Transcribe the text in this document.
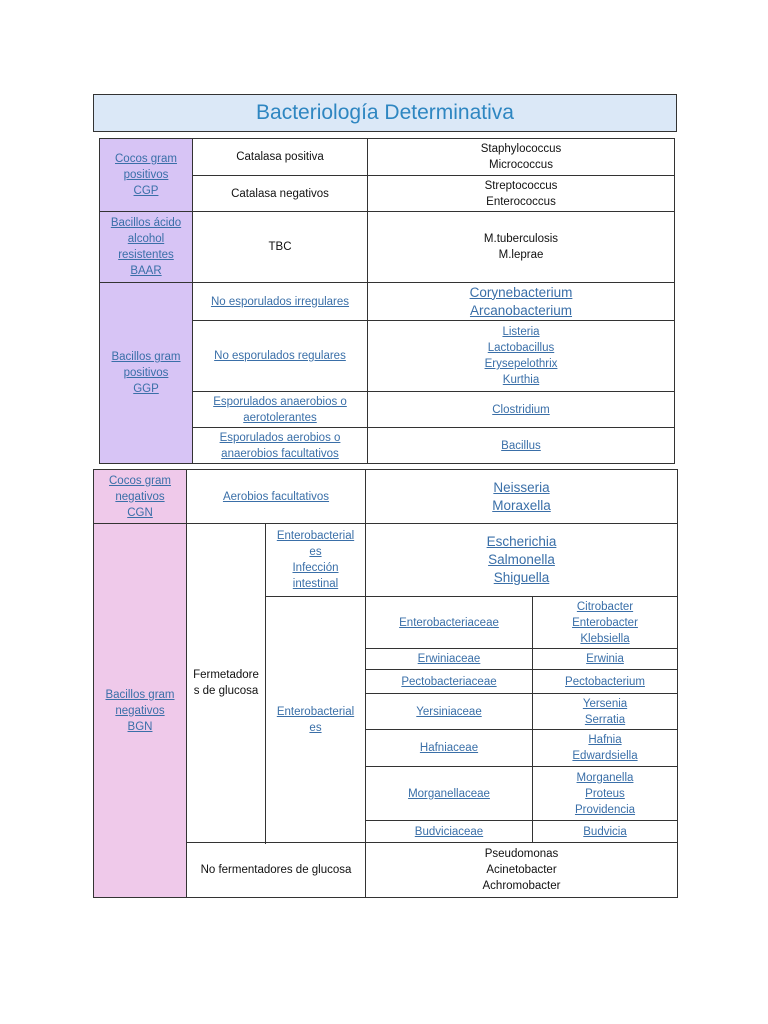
Bacteriología Determinativa
Cocos gram
positivos
CGP	Catalasa positiva	Staphylococcus
Micrococcus
	Catalasa negativos	Streptococcus
Enterococcus
Bacillos ácido
alcohol
resistentes
BAAR	TBC	M.tuberculosis
M.leprae
Bacillos gram
positivos
GGP	No esporulados irregulares	Corynebacterium
Arcanobacterium
	No esporulados regulares	Listeria
Lactobacillus
Erysepelothrix
Kurthia
	Esporulados anaerobios o
aerotolerantes	Clostridium
	Esporulados aerobios o
anaerobios facultativos	Bacillus
Cocos gram
negativos
CGN	Aerobios facultativos		Neisseria
Moraxella	
Bacillos gram
negativos
BGN	Fermetadore
s de glucosa	Enterobacterial
es
Infección
intestinal	Escherichia
Salmonella
Shiguella	
		Enterobacterial
es	Enterobacteriaceae	Citrobacter
Enterobacter
Klebsiella
			Erwiniaceae	Erwinia
			Pectobacteriaceae	Pectobacterium
			Yersiniaceae	Yersenia
Serratia
			Hafniaceae	Hafnia
Edwardsiella
			Morganellaceae	Morganella
Proteus
Providencia
			Budviciaceae	Budvicia

	No fermentadores de glucosa		Pseudomonas
Acinetobacter
Achromobacter	
